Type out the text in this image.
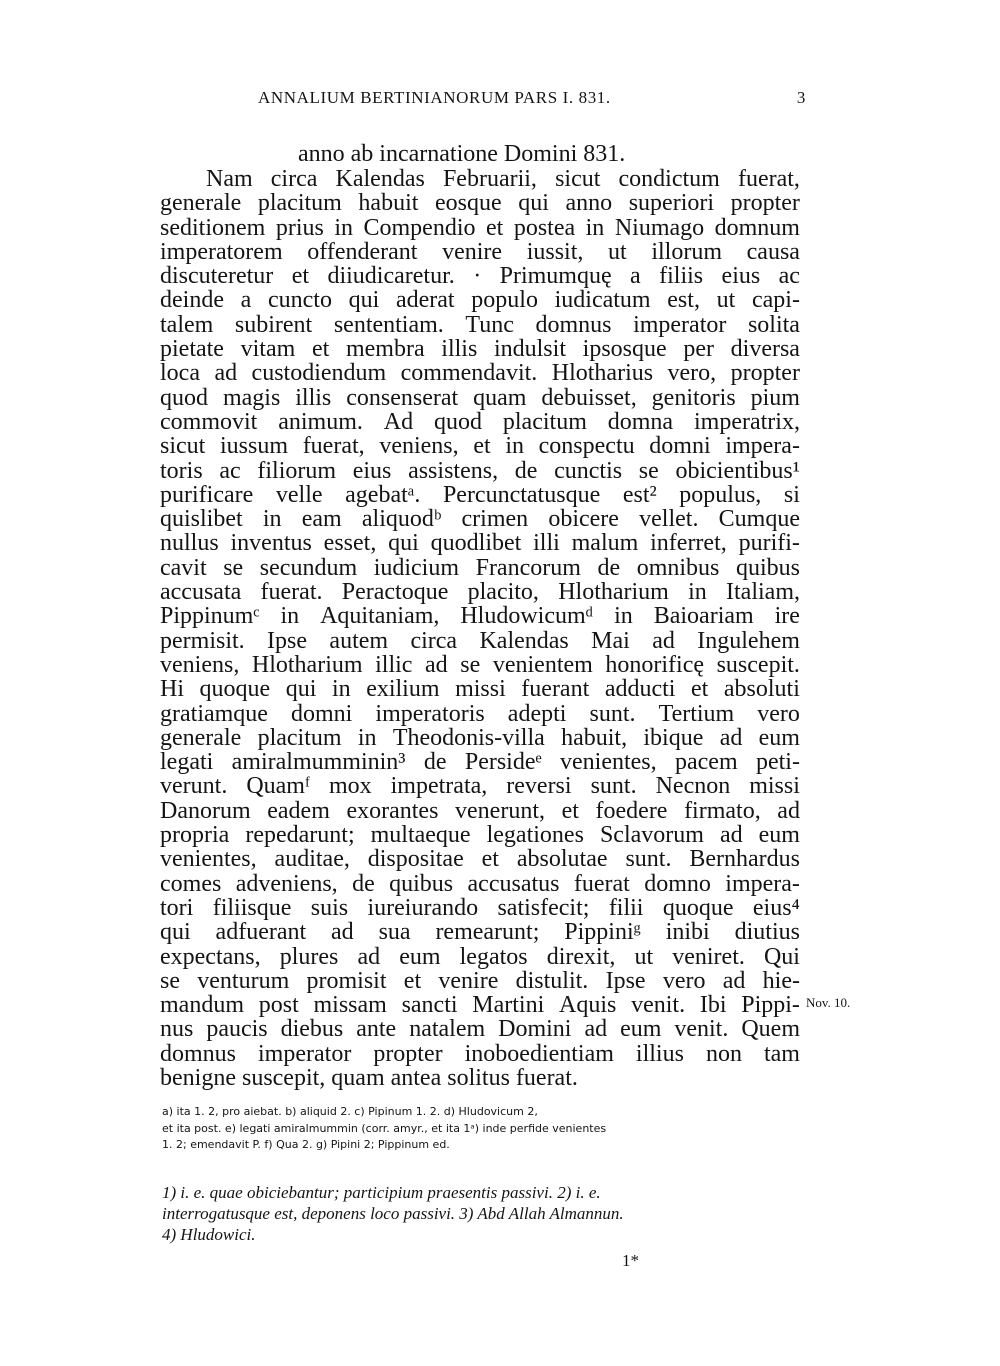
ANNALIUM BERTINIANORUM PARS I. 831.	3
anno ab incarnatione Domini 831.
Nam circa Kalendas Februarii, sicut condictum fuerat,
generale placitum habuit eosque qui anno superiori propter
seditionem prius in Compendio et postea in Niumago domnum
imperatorem offenderant venire iussit, ut illorum causa
discuteretur et diiudicaretur. · Primumquę a filiis eius ac
deinde a cuncto qui aderat populo iudicatum est, ut capi-
talem subirent sententiam. Tunc domnus imperator solita
pietate vitam et membra illis indulsit ipsosque per diversa
loca ad custodiendum commendavit. Hlotharius vero, propter
quod magis illis consenserat quam debuisset, genitoris pium
commovit animum. Ad quod placitum domna imperatrix,
sicut iussum fuerat, veniens, et in conspectu domni impera-
toris ac filiorum eius assistens, de cunctis se obicientibus¹
purificare velle agebatᵃ. Percunctatusque est² populus, si
quislibet in eam aliquodᵇ crimen obicere vellet. Cumque
nullus inventus esset, qui quodlibet illi malum inferret, purifi-
cavit se secundum iudicium Francorum de omnibus quibus
accusata fuerat. Peractoque placito, Hlotharium in Italiam,
Pippinumᶜ in Aquitaniam, Hludowicumᵈ in Baioariam ire
permisit. Ipse autem circa Kalendas Mai ad Ingulehem
veniens, Hlotharium illic ad se venientem honorificę suscepit.
Hi quoque qui in exilium missi fuerant adducti et absoluti
gratiamque domni imperatoris adepti sunt. Tertium vero
generale placitum in Theodonis-villa habuit, ibique ad eum
legati amiralmumminin³ de Persideᵉ venientes, pacem peti-
verunt. Quamᶠ mox impetrata, reversi sunt. Necnon missi
Danorum eadem exorantes venerunt, et foedere firmato, ad
propria repedarunt; multaeque legationes Sclavorum ad eum
venientes, auditae, dispositae et absolutae sunt. Bernhardus
comes adveniens, de quibus accusatus fuerat domno impera-
tori filiisque suis iureiurando satisfecit; filii quoque eius⁴
qui adfuerant ad sua remearunt; Pippiniᵍ inibi diutius
expectans, plures ad eum legatos direxit, ut veniret. Qui
se venturum promisit et venire distulit. Ipse vero ad hie-
mandum post missam sancti Martini Aquis venit. Ibi Pippi-
nus paucis diebus ante natalem Domini ad eum venit. Quem
domnus imperator propter inoboedientiam illius non tam
benigne suscepit, quam antea solitus fuerat.
Nov. 10.
a) ita 1. 2, pro aiebat. b) aliquid 2. c) Pipinum 1. 2. d) Hludovicum 2,
et ita post. e) legati amiralmummin (corr. amyr., et ita 1ᵃ) inde perfide venientes
1. 2; emendavit P. f) Qua 2. g) Pipini 2; Pippinum ed.
1) i. e. quae obiciebantur; participium praesentis passivi. 2) i. e.
interrogatusque est, deponens loco passivi. 3) Abd Allah Almannun.
4) Hludowici.
1*
